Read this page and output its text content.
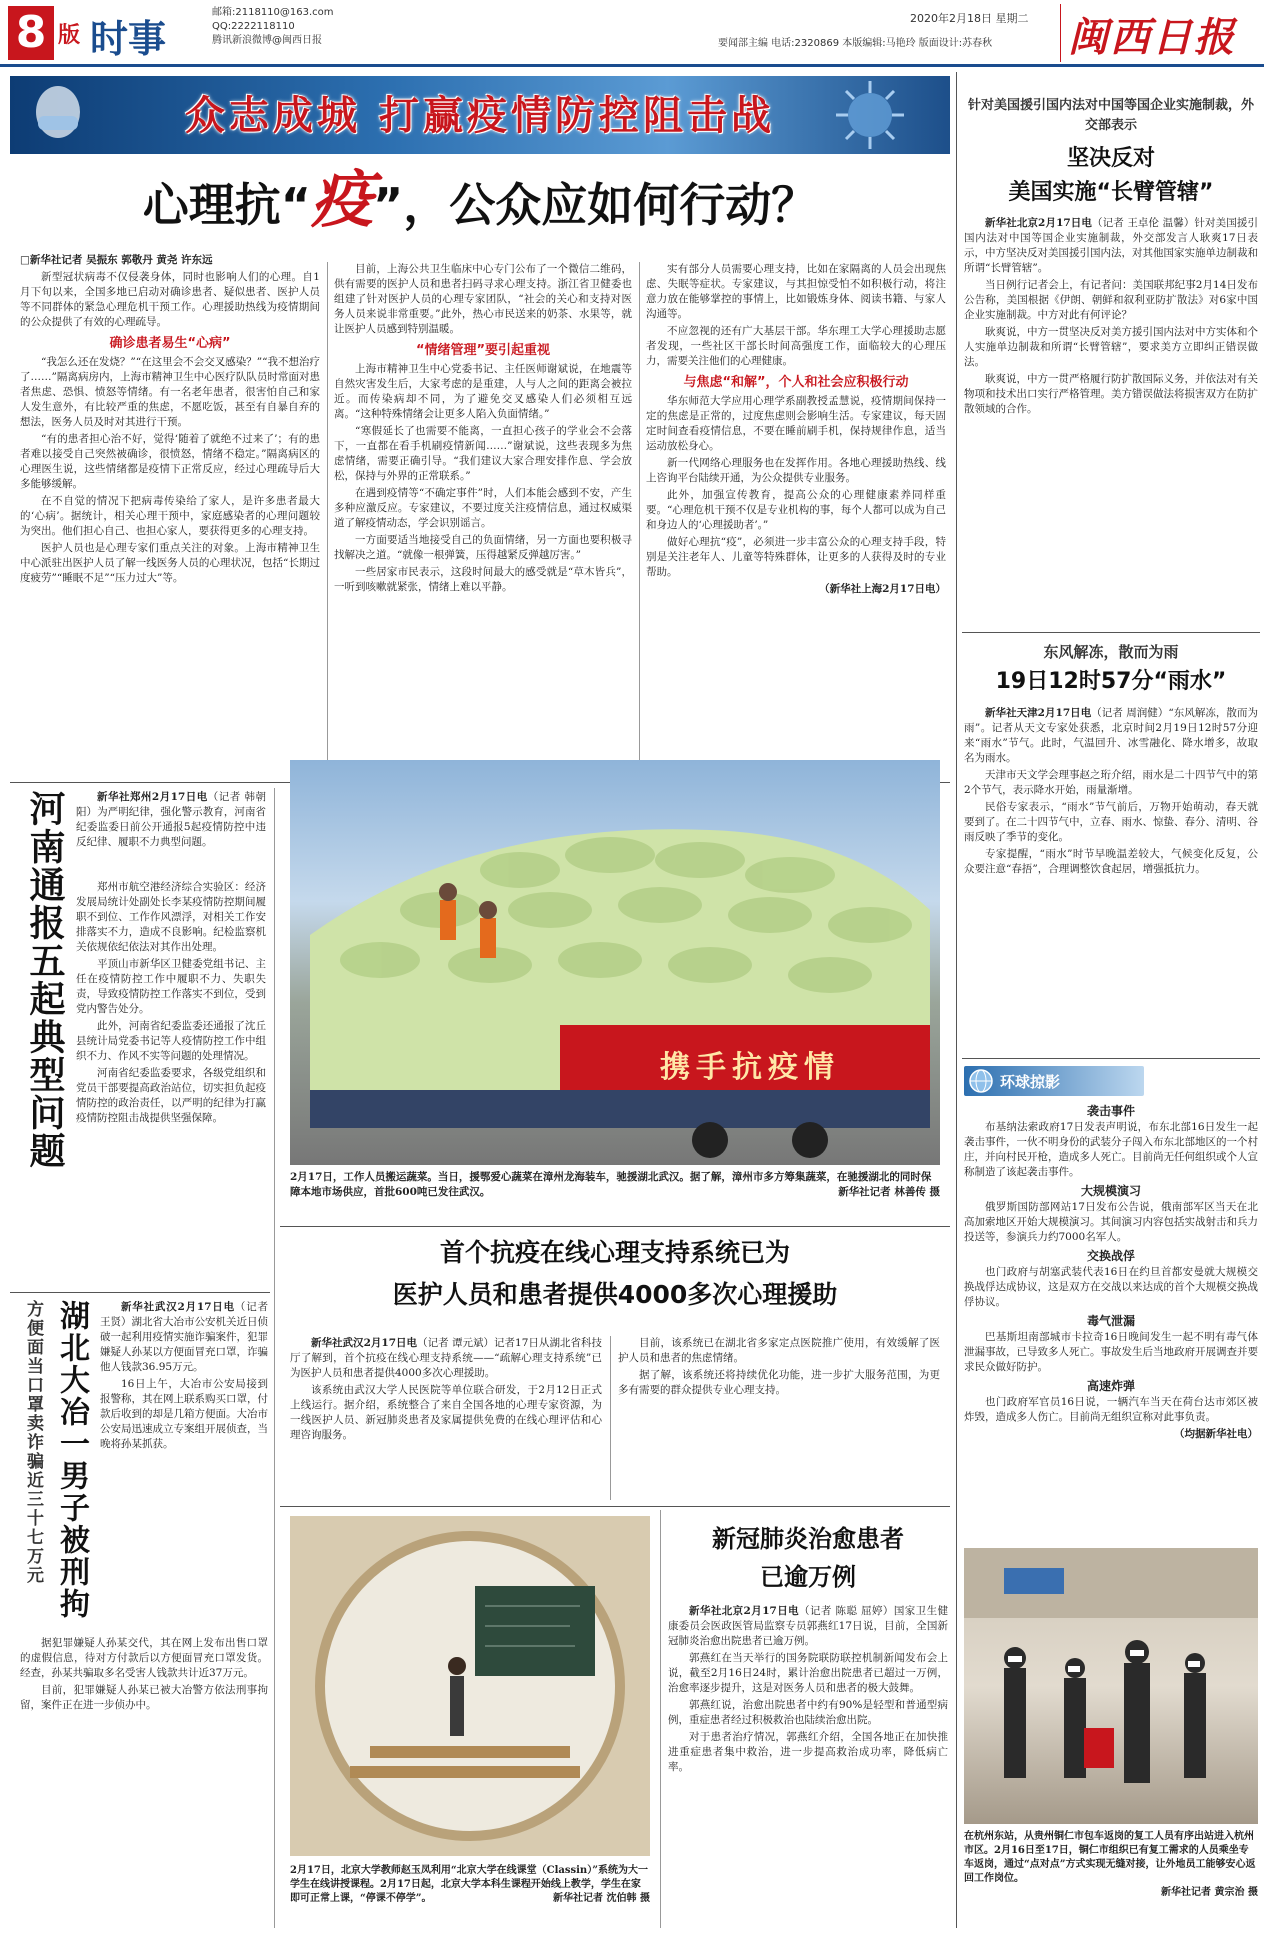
8 版 时事
邮箱:2118110@163.com
QQ:2222118110
腾讯新浪微博@闽西日报
2020年2月18日 星期二
要闻部主编 电话:2320869 本版编辑:马艳玲 版面设计:苏春秋	闽西日报
众志成城 打赢疫情防控阻击战
心理抗“疫”，公众应如何行动？
□新华社记者 吴振东 郭敬丹 黄尧 许东远

新型冠状病毒不仅侵袭身体，同时也影响人们的心理。自1月下旬以来，全国多地已启动对确诊患者、疑似患者、医护人员等不同群体的紧急心理危机干预工作。心理援助热线为疫情期间的公众提供了有效的心理疏导。

确诊患者易生“心病”

“我怎么还在发烧？”“在这里会不会交叉感染？”“我不想治疗了……”隔离病房内，上海市精神卫生中心医疗队队员时常面对患者焦虑、恐惧、愤怒等情绪。有一名老年患者，很害怕自己和家人发生意外，有比较严重的焦虑，不愿吃饭，甚至有自暴自弃的想法，医务人员及时对其进行干预。

“有的患者担心治不好，觉得‘随着了就绝不过来了’；有的患者难以接受自己突然被确诊，很愤怒，情绪不稳定。”隔离病区的心理医生说，这些情绪都是疫情下正常反应，经过心理疏导后大多能够缓解。

在不自觉的情况下把病毒传染给了家人，是许多患者最大的‘心病’。据统计，相关心理干预中，家庭感染者的心理问题较为突出。他们担心自己、也担心家人，要获得更多的心理支持。

医护人员也是心理专家们重点关注的对象。上海市精神卫生中心派驻出医护人员了解一线医务人员的心理状况，包括“长期过度疲劳”“睡眠不足”“压力过大”等。

目前，上海公共卫生临床中心专门公布了一个微信二维码，供有需要的医护人员和患者扫码寻求心理支持。浙江省卫健委也组建了针对医护人员的心理专家团队，“社会的关心和支持对医务人员来说非常重要。”此外，热心市民送来的奶茶、水果等，就让医护人员感到特别温暖。

“情绪管理”要引起重视

上海市精神卫生中心党委书记、主任医师谢斌说，在地震等自然灾害发生后，大家考虑的是重建，人与人之间的距离会被拉近。而传染病却不同，为了避免交叉感染人们必须相互远离。“这种特殊情绪会让更多人陷入负面情绪。”

“寒假延长了也需要不能离，一直担心孩子的学业会不会落下，一直都在看手机刷疫情新闻……”谢斌说，这些表现多为焦虑情绪，需要正确引导。“我们建议大家合理安排作息、学会放松，保持与外界的正常联系。”

在遇到疫情等“不确定事件”时，人们本能会感到不安，产生多种应激反应。专家建议，不要过度关注疫情信息，通过权威渠道了解疫情动态，学会识别谣言。

一方面要适当地接受自己的负面情绪，另一方面也要积极寻找解决之道。“就像一根弹簧，压得越紧反弹越厉害。”

一些居家市民表示，这段时间最大的感受就是“草木皆兵”，一听到咳嗽就紧张，情绪上难以平静。

实有部分人员需要心理支持，比如在家隔离的人员会出现焦虑、失眠等症状。专家建议，与其担惊受怕不如积极行动，将注意力放在能够掌控的事情上，比如锻炼身体、阅读书籍、与家人沟通等。

不应忽视的还有广大基层干部。华东理工大学心理援助志愿者发现，一些社区干部长时间高强度工作，面临较大的心理压力，需要关注他们的心理健康。

与焦虑“和解”，个人和社会应积极行动

华东师范大学应用心理学系副教授孟慧说，疫情期间保持一定的焦虑是正常的，过度焦虑则会影响生活。专家建议，每天固定时间查看疫情信息，不要在睡前刷手机，保持规律作息，适当运动放松身心。

新一代网络心理服务也在发挥作用。各地心理援助热线、线上咨询平台陆续开通，为公众提供专业服务。

此外，加强宣传教育，提高公众的心理健康素养同样重要。“心理危机干预不仅是专业机构的事，每个人都可以成为自己和身边人的‘心理援助者’。”

做好心理抗“疫”，必须进一步丰富公众的心理支持手段，特别是关注老年人、儿童等特殊群体，让更多的人获得及时的专业帮助。

（新华社上海2月17日电）
河南通报五起典型问题	新华社郑州2月17日电（记者 韩朝阳）为严明纪律，强化警示教育，河南省纪委监委日前公开通报5起疫情防控中违反纪律、履职不力典型问题。

郑州市航空港经济综合实验区：经济发展局统计处副处长李某疫情防控期间履职不到位、工作作风漂浮，对相关工作安排落实不力，造成不良影响。纪检监察机关依规依纪依法对其作出处理。

平顶山市新华区卫健委党组书记、主任在疫情防控工作中履职不力、失职失责，导致疫情防控工作落实不到位，受到党内警告处分。

此外，河南省纪委监委还通报了沈丘县统计局党委书记等人疫情防控工作中组织不力、作风不实等问题的处理情况。

河南省纪委监委要求，各级党组织和党员干部要提高政治站位，切实担负起疫情防控的政治责任，以严明的纪律为打赢疫情防控阻击战提供坚强保障。

方便面当口罩卖诈骗近三十七万元 湖北大冶一男子被刑拘	新华社武汉2月17日电（记者 王贤）湖北省大冶市公安机关近日侦破一起利用疫情实施诈骗案件，犯罪嫌疑人孙某以方便面冒充口罩，诈骗他人钱款36.95万元。

16日上午，大冶市公安局接到报警称，其在网上联系购买口罩，付款后收到的却是几箱方便面。大冶市公安局迅速成立专案组开展侦查，当晚将孙某抓获。

据犯罪嫌疑人孙某交代，其在网上发布出售口罩的虚假信息，待对方付款后以方便面冒充口罩发货。经查，孙某共骗取多名受害人钱款共计近37万元。

目前，犯罪嫌疑人孙某已被大冶警方依法刑事拘留，案件正在进一步侦办中。

携手抗疫情
2月17日，工作人员搬运蔬菜。当日，援鄂爱心蔬菜在漳州龙海装车，驰援湖北武汉。据了解，漳州市多方筹集蔬菜，在驰援湖北的同时保障本地市场供应，首批600吨已发往武汉。	新华社记者 林善传 摄
首个抗疫在线心理支持系统已为
医护人员和患者提供4000多次心理援助

新华社武汉2月17日电（记者 谭元斌）记者17日从湖北省科技厅了解到，首个抗疫在线心理支持系统——“疏解心理支持系统”已为医护人员和患者提供4000多次心理援助。

该系统由武汉大学人民医院等单位联合研发，于2月12日正式上线运行。据介绍，系统整合了来自全国各地的心理专家资源，为一线医护人员、新冠肺炎患者及家属提供免费的在线心理评估和心理咨询服务。

目前，该系统已在湖北省多家定点医院推广使用，有效缓解了医护人员和患者的焦虑情绪。

据了解，该系统还将持续优化功能，进一步扩大服务范围，为更多有需要的群众提供专业心理支持。

2月17日，北京大学教师赵玉凤利用“北京大学在线课堂（Classin）”系统为大一学生在线讲授课程。2月17日起，北京大学本科生课程开始线上教学，学生在家即可正常上课，“停课不停学”。	新华社记者 沈伯韩 摄
新冠肺炎治愈患者
已逾万例

新华社北京2月17日电（记者 陈聪 屈婷）国家卫生健康委员会医政医管局监察专员郭燕红17日说，目前，全国新冠肺炎治愈出院患者已逾万例。

郭燕红在当天举行的国务院联防联控机制新闻发布会上说，截至2月16日24时，累计治愈出院患者已超过一万例，治愈率逐步提升，这是对医务人员和患者的极大鼓舞。

郭燕红说，治愈出院患者中约有90%是轻型和普通型病例，重症患者经过积极救治也陆续治愈出院。

对于患者治疗情况，郭燕红介绍，全国各地正在加快推进重症患者集中救治，进一步提高救治成功率，降低病亡率。

针对美国援引国内法对中国等国企业实施制裁，外交部表示
坚决反对
美国实施“长臂管辖”

新华社北京2月17日电（记者 王卓伦 温馨）针对美国援引国内法对中国等国企业实施制裁，外交部发言人耿爽17日表示，中方坚决反对美国援引国内法，对其他国家实施单边制裁和所谓“长臂管辖”。

当日例行记者会上，有记者问：美国联邦纪事2月14日发布公告称，美国根据《伊朗、朝鲜和叙利亚防扩散法》对6家中国企业实施制裁。中方对此有何评论？

耿爽说，中方一贯坚决反对美方援引国内法对中方实体和个人实施单边制裁和所谓“长臂管辖”，要求美方立即纠正错误做法。

耿爽说，中方一贯严格履行防扩散国际义务，并依法对有关物项和技术出口实行严格管理。美方错误做法将损害双方在防扩散领域的合作。

东风解冻，散而为雨
19日12时57分“雨水”

新华社天津2月17日电（记者 周润健）“东风解冻，散而为雨”。记者从天文专家处获悉，北京时间2月19日12时57分迎来“雨水”节气。此时，气温回升、冰雪融化、降水增多，故取名为雨水。

天津市天文学会理事赵之珩介绍，雨水是二十四节气中的第2个节气，表示降水开始，雨量渐增。

民俗专家表示，“雨水”节气前后，万物开始萌动，春天就要到了。在二十四节气中，立春、雨水、惊蛰、春分、清明、谷雨反映了季节的变化。

专家提醒，“雨水”时节早晚温差较大，气候变化反复，公众要注意“春捂”，合理调整饮食起居，增强抵抗力。

环球掠影
袭击事件

布基纳法索政府17日发表声明说，布东北部16日发生一起袭击事件，一伙不明身份的武装分子闯入布东北部地区的一个村庄，并向村民开枪，造成多人死亡。目前尚无任何组织或个人宣称制造了该起袭击事件。

大规模演习

俄罗斯国防部网站17日发布公告说，俄南部军区当天在北高加索地区开始大规模演习。其间演习内容包括实战射击和兵力投送等，参演兵力约7000名军人。

交换战俘

也门政府与胡塞武装代表16日在约旦首都安曼就大规模交换战俘达成协议，这是双方在交战以来达成的首个大规模交换战俘协议。

毒气泄漏

巴基斯坦南部城市卡拉奇16日晚间发生一起不明有毒气体泄漏事故，已导致多人死亡。事故发生后当地政府开展调查并要求民众做好防护。

高速炸弹

也门政府军官员16日说，一辆汽车当天在荷台达市郊区被炸毁，造成多人伤亡。目前尚无组织宣称对此事负责。

（均据新华社电）
在杭州东站，从贵州铜仁市包车返岗的复工人员有序出站进入杭州市区。2月16日至17日，铜仁市组织已有复工需求的人员乘坐专车返岗，通过“点对点”方式实现无缝对接，让外地员工能够安心返回工作岗位。
新华社记者 黄宗治 摄
